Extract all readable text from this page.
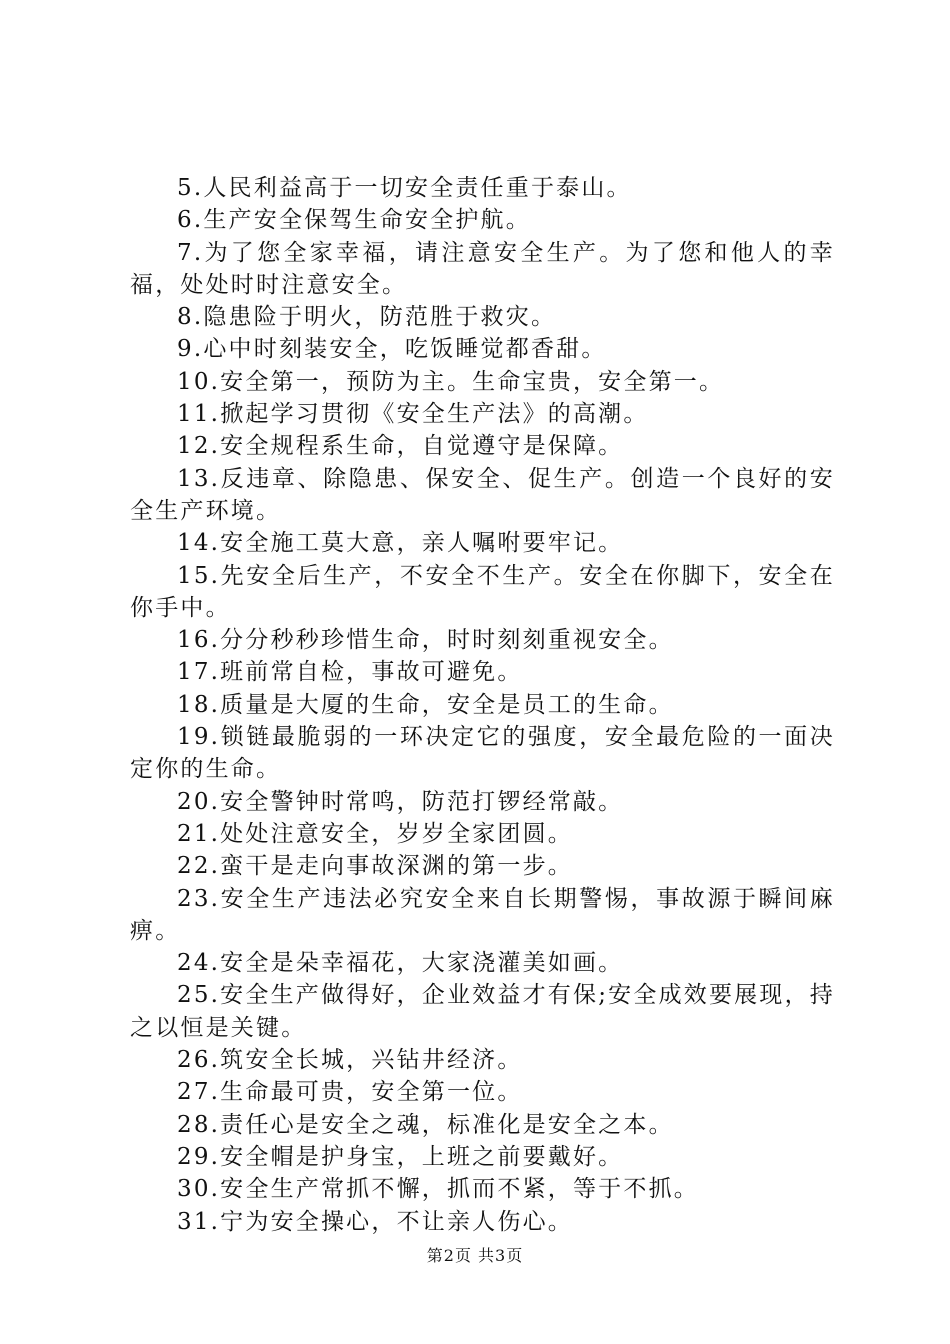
5.人民利益高于一切安全责任重于泰山。

6.生产安全保驾生命安全护航。

7.为了您全家幸福，请注意安全生产。为了您和他人的幸福，处处时时注意安全。

8.隐患险于明火，防范胜于救灾。

9.心中时刻装安全，吃饭睡觉都香甜。

10.安全第一，预防为主。生命宝贵，安全第一。

11.掀起学习贯彻《安全生产法》的高潮。

12.安全规程系生命，自觉遵守是保障。

13.反违章、除隐患、保安全、促生产。创造一个良好的安全生产环境。

14.安全施工莫大意，亲人嘱咐要牢记。

15.先安全后生产，不安全不生产。安全在你脚下，安全在你手中。

16.分分秒秒珍惜生命，时时刻刻重视安全。

17.班前常自检，事故可避免。

18.质量是大厦的生命，安全是员工的生命。

19.锁链最脆弱的一环决定它的强度，安全最危险的一面决定你的生命。

20.安全警钟时常鸣，防范打锣经常敲。

21.处处注意安全，岁岁全家团圆。

22.蛮干是走向事故深渊的第一步。

23.安全生产违法必究安全来自长期警惕，事故源于瞬间麻痹。

24.安全是朵幸福花，大家浇灌美如画。

25.安全生产做得好，企业效益才有保;安全成效要展现，持之以恒是关键。

26.筑安全长城，兴钻井经济。

27.生命最可贵，安全第一位。

28.责任心是安全之魂，标准化是安全之本。

29.安全帽是护身宝，上班之前要戴好。

30.安全生产常抓不懈，抓而不紧，等于不抓。

31.宁为安全操心，不让亲人伤心。

第2页 共3页
